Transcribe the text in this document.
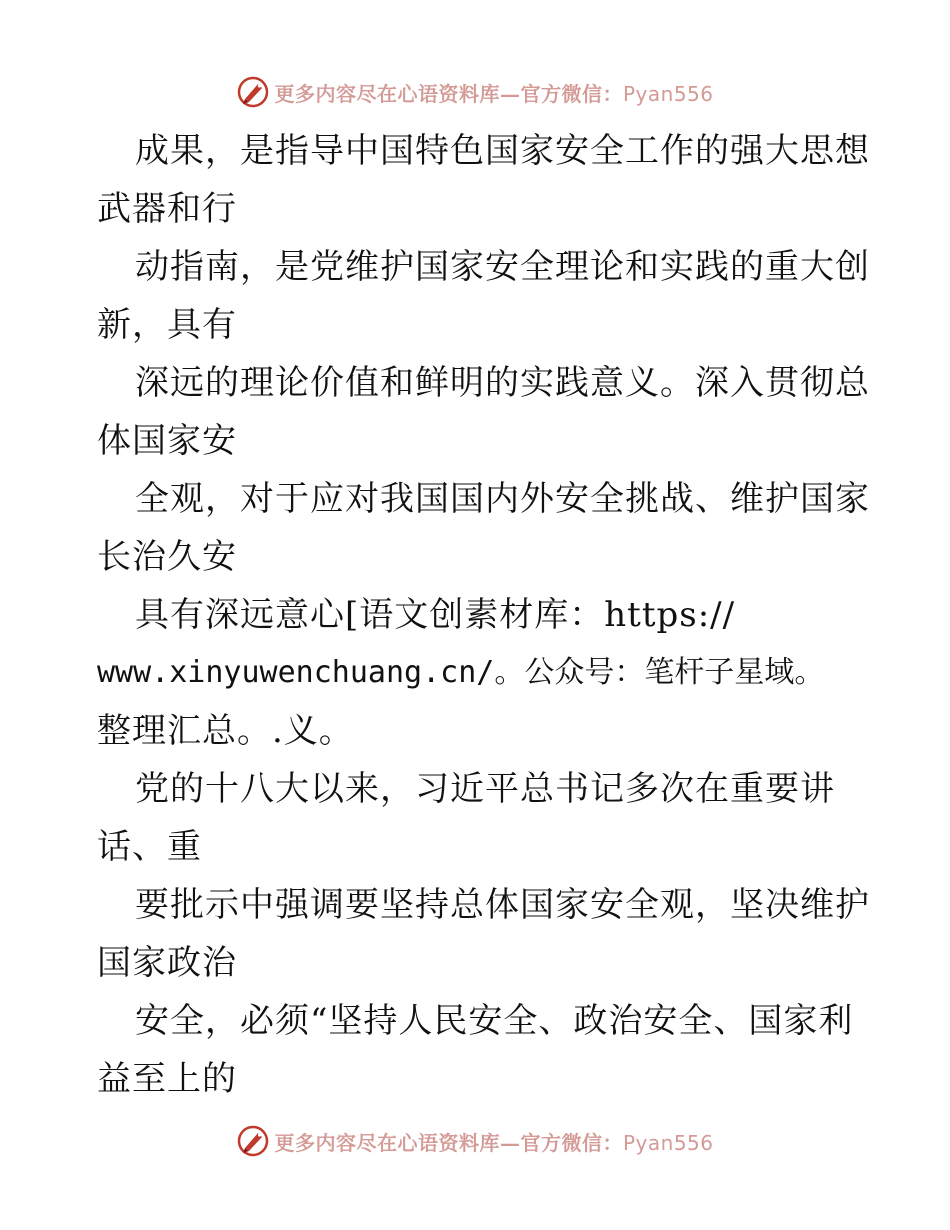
更多内容尽在心语资料库—官方微信：Pyan556
成果，是指导中国特色国家安全工作的强大思想
武器和行
动指南，是党维护国家安全理论和实践的重大创
新，具有
深远的理论价值和鲜明的实践意义。深入贯彻总
体国家安
全观，对于应对我国国内外安全挑战、维护国家
长治久安
具有深远意心[语文创素材库：https://
www.xinyuwenchuang.cn/。公众号：笔杆子星域。
整理汇总。.义。
党的十八大以来，习近平总书记多次在重要讲
话、重
要批示中强调要坚持总体国家安全观，坚决维护
国家政治
安全，必须“坚持人民安全、政治安全、国家利
益至上的
更多内容尽在心语资料库—官方微信：Pyan556
